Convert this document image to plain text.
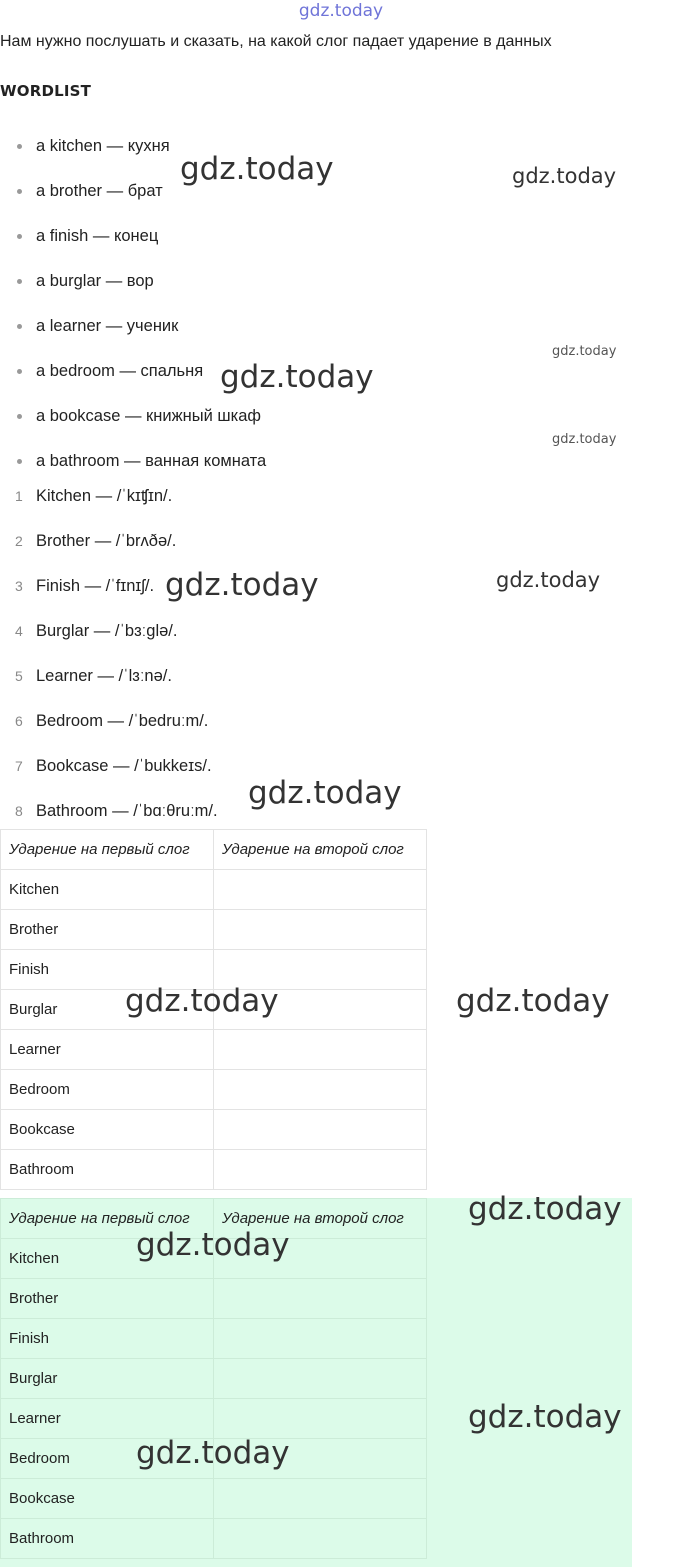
gdz.today
Нам нужно послушать и сказать, на какой слог падает ударение в данных
WORDLIST
a kitchen — кухня
a brother — брат
a finish — конец
a burglar — вор
a learner — ученик
a bedroom — спальня
a bookcase — книжный шкаф
a bathroom — ванная комната
1 Kitchen — /ˈkɪʧɪn/.
2 Brother — /ˈbrʌðə/.
3 Finish — /ˈfɪnɪʃ/.
4 Burglar — /ˈbɜːglə/.
5 Learner — /ˈlɜːnə/.
6 Bedroom — /ˈbedruːm/.
7 Bookcase — /ˈbukkeɪs/.
8 Bathroom — /ˈbɑːθruːm/.
Ударение на первый слог	Ударение на второй слог
Kitchen	
Brother	
Finish	
Burglar	
Learner	
Bedroom	
Bookcase	
Bathroom	
Ударение на первый слог	Ударение на второй слог
Kitchen	
Brother	
Finish	
Burglar	
Learner	
Bedroom	
Bookcase	
Bathroom	
gdz.today	gdz.today
gdz.today
gdz.today
gdz.today
gdz.today	gdz.today
gdz.today
gdz.today	gdz.today
gdz.today
gdz.today
gdz.today
gdz.today
